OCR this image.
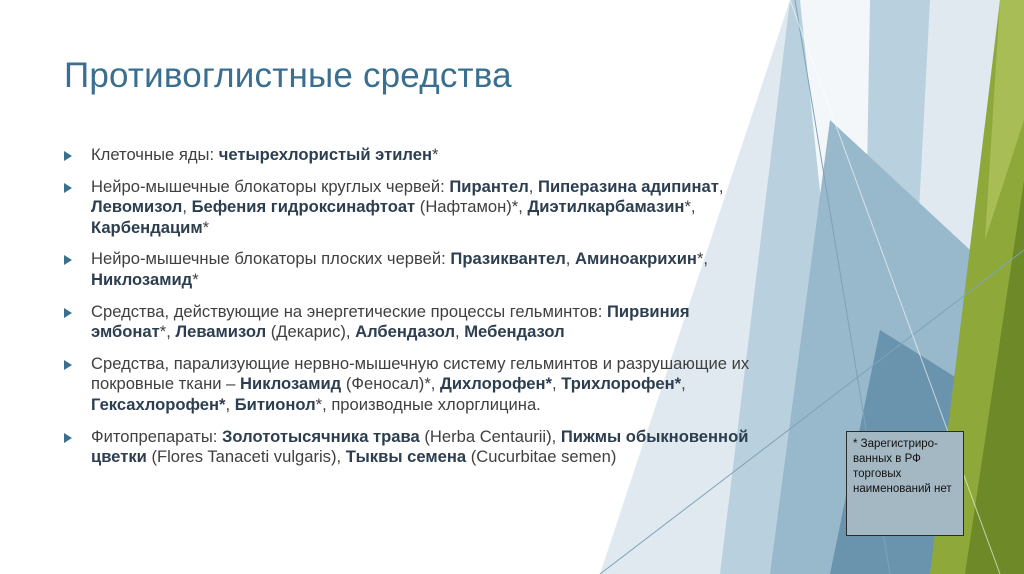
Противоглистные средства
Клеточные яды: четырехлористый этилен*
Нейро-мышечные блокаторы круглых червей: Пирантел, Пиперазина адипинат, Левомизол, Бефения гидроксинафтоат (Нафтамон)*, Диэтилкарбамазин*, Карбендацим*
Нейро-мышечные блокаторы плоских червей: Празиквантел, Аминоакрихин*, Никлозамид*
Средства, действующие на энергетические процессы гельминтов: Пирвиния эмбонат*, Левамизол (Декарис), Албендазол, Мебендазол
Средства, парализующие нервно-мышечную систему гельминтов и разрушающие их покровные ткани – Никлозамид (Феносал)*, Дихлорофен*, Трихлорофен*, Гексахлорофен*, Битионол*, производные хлорглицина.
Фитопрепараты: Золототысячника трава (Herba Centaurii), Пижмы обыкновенной цветки (Flores Tanaceti vulgaris), Тыквы семена (Cucurbitae semen)
* Зарегистриро-ванных в РФ торговых наименований нет
